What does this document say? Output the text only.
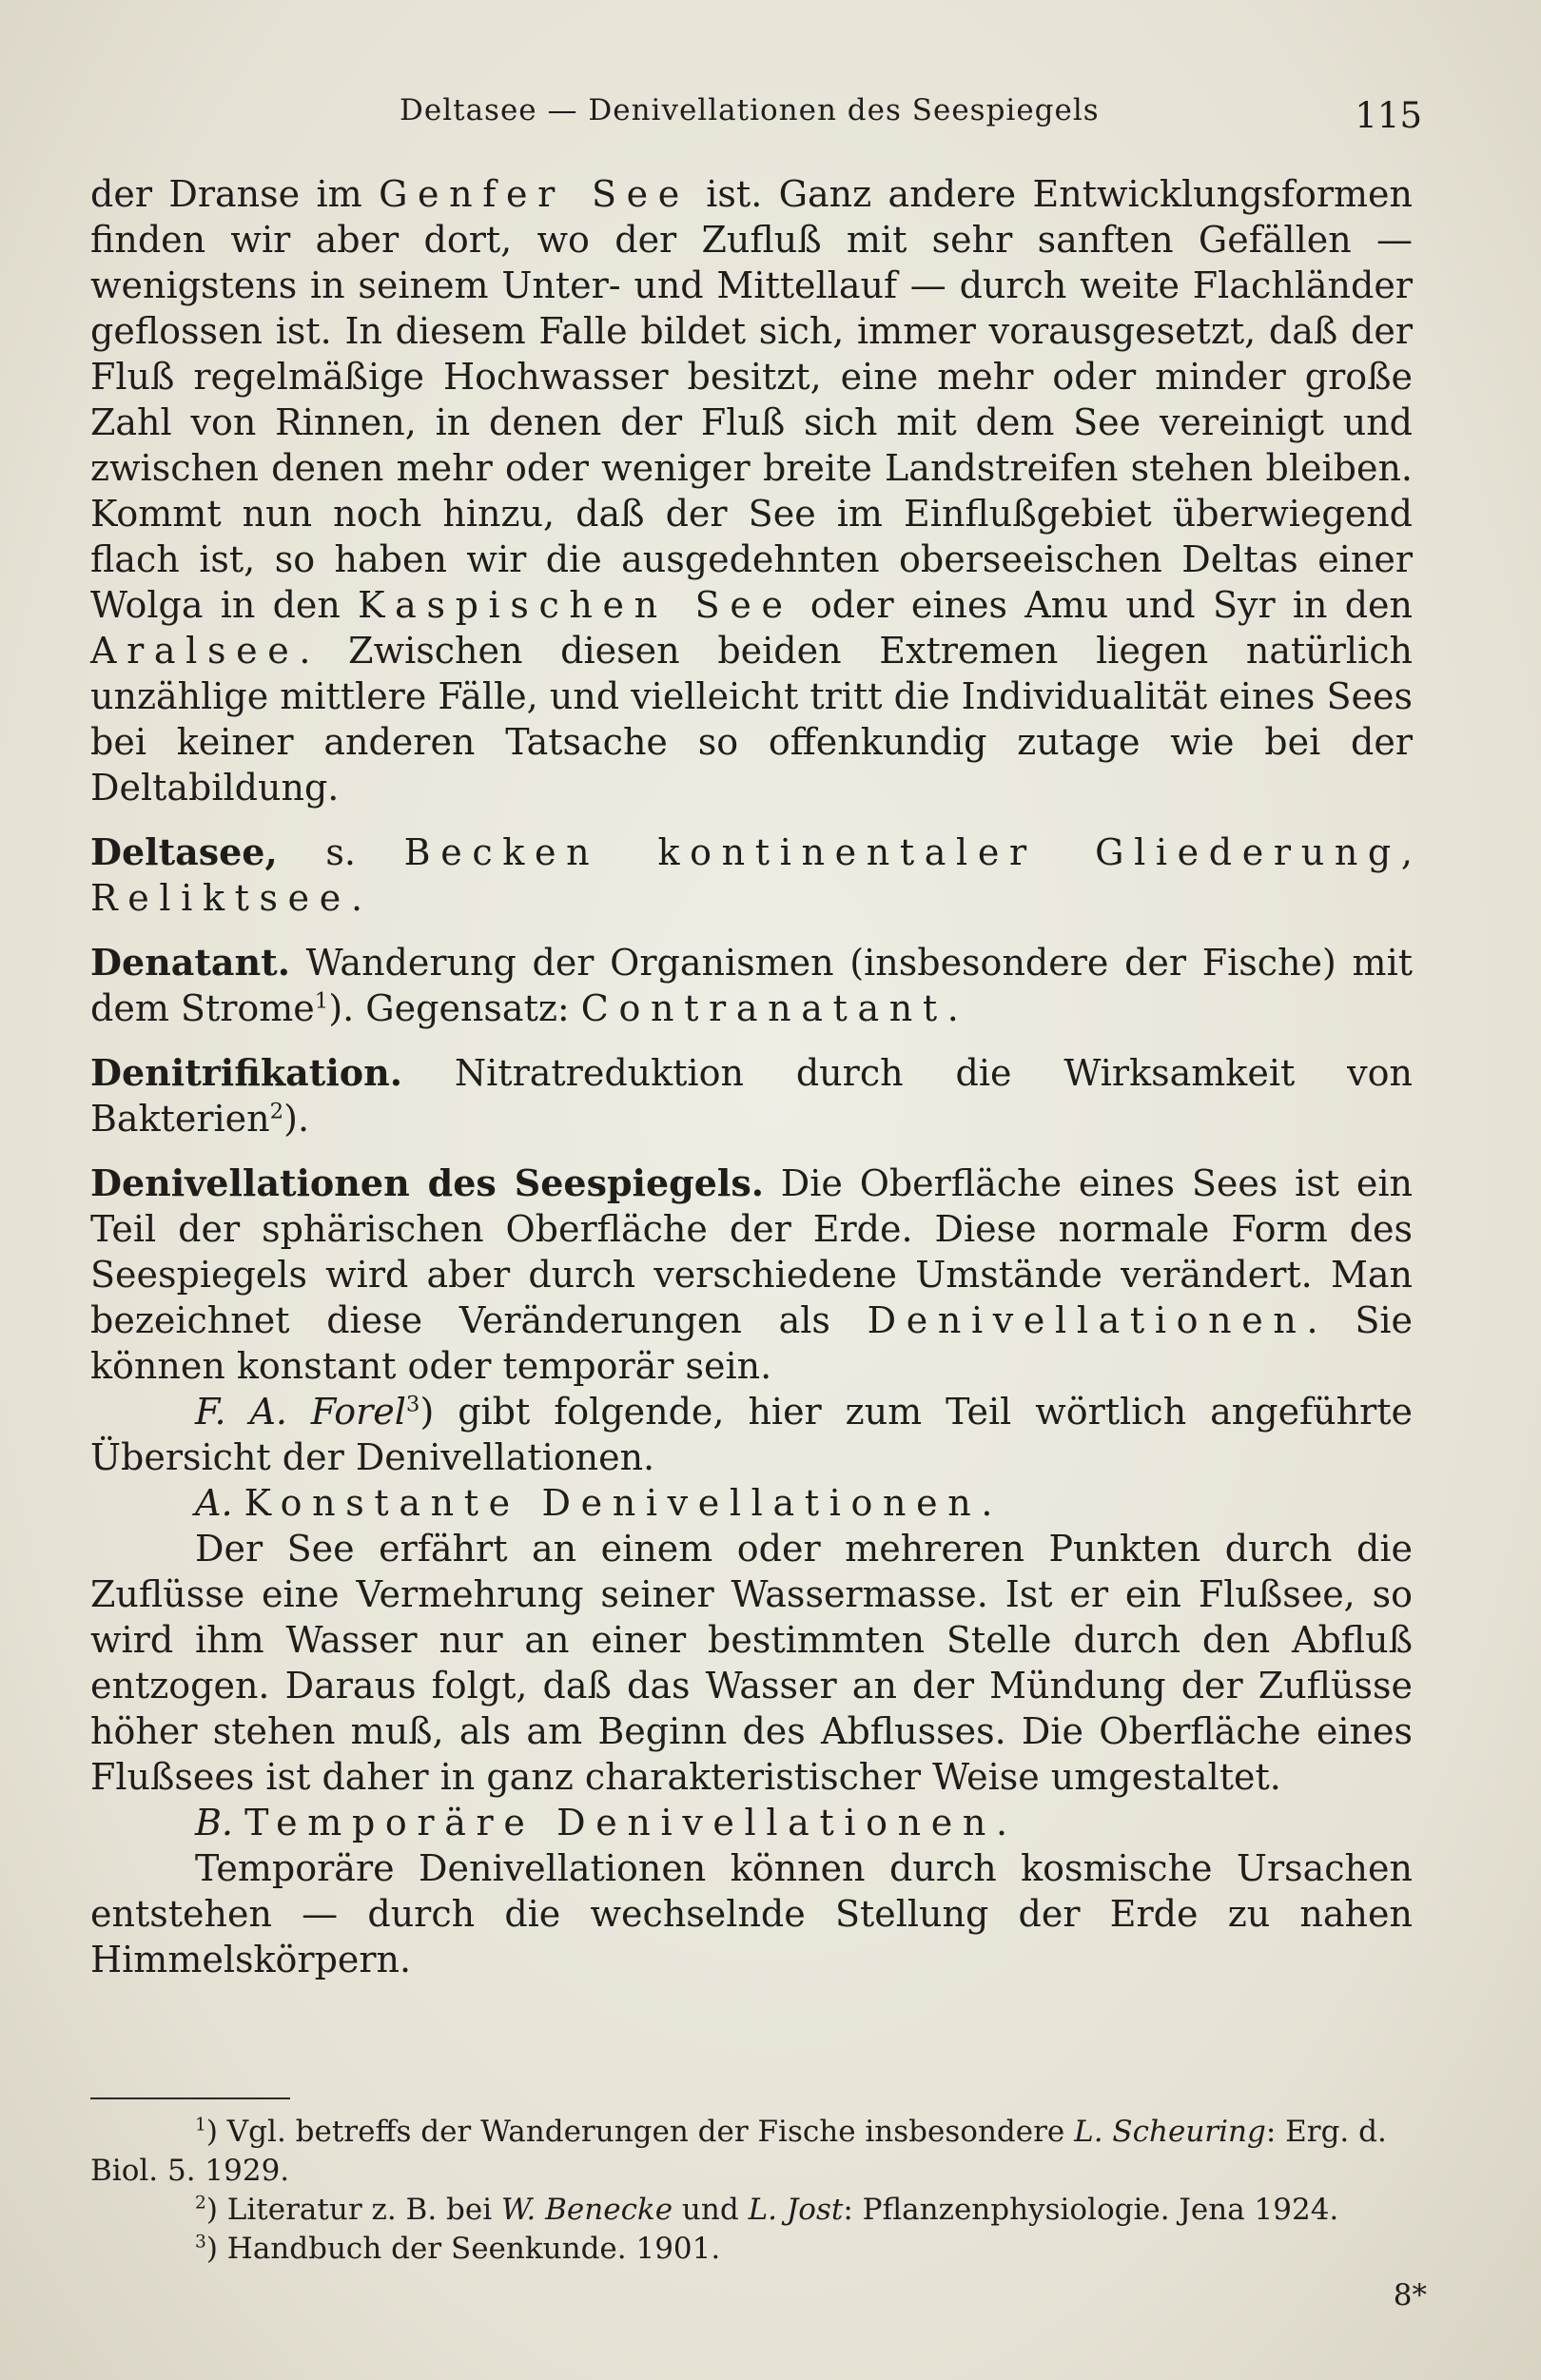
Deltasee — Denivellationen des Seespiegels	115

der Dranse im Genfer See ist. Ganz andere Entwicklungsformen finden wir aber dort, wo der Zufluß mit sehr sanften Gefällen — wenigstens in seinem Unter- und Mittellauf — durch weite Flachländer geflossen ist. In diesem Falle bildet sich, immer vorausgesetzt, daß der Fluß regelmäßige Hochwasser besitzt, eine mehr oder minder große Zahl von Rinnen, in denen der Fluß sich mit dem See vereinigt und zwischen denen mehr oder weniger breite Landstreifen stehen bleiben. Kommt nun noch hinzu, daß der See im Einflußgebiet überwiegend flach ist, so haben wir die ausgedehnten oberseeischen Deltas einer Wolga in den Kaspischen See oder eines Amu und Syr in den Aralsee. Zwischen diesen beiden Extremen liegen natürlich unzählige mittlere Fälle, und vielleicht tritt die Individualität eines Sees bei keiner anderen Tatsache so offenkundig zutage wie bei der Deltabildung.

Deltasee, s. Becken kontinentaler Gliederung, Reliktsee.

Denatant. Wanderung der Organismen (insbesondere der Fische) mit dem Strome$^1$). Gegensatz: Contranatant.

Denitrifikation. Nitratreduktion durch die Wirksamkeit von Bakterien$^2$).

Denivellationen des Seespiegels. Die Oberfläche eines Sees ist ein Teil der sphärischen Oberfläche der Erde. Diese normale Form des Seespiegels wird aber durch verschiedene Umstände verändert. Man bezeichnet diese Veränderungen als Denivellationen. Sie können konstant oder temporär sein.

F. A. Forel$^3$) gibt folgende, hier zum Teil wörtlich angeführte Übersicht der Denivellationen.

A. Konstante Denivellationen.

Der See erfährt an einem oder mehreren Punkten durch die Zuflüsse eine Vermehrung seiner Wassermasse. Ist er ein Flußsee, so wird ihm Wasser nur an einer bestimmten Stelle durch den Abfluß entzogen. Daraus folgt, daß das Wasser an der Mündung der Zuflüsse höher stehen muß, als am Beginn des Abflusses. Die Oberfläche eines Flußsees ist daher in ganz charakteristischer Weise umgestaltet.

B. Temporäre Denivellationen.

Temporäre Denivellationen können durch kosmische Ursachen entstehen — durch die wechselnde Stellung der Erde zu nahen Himmelskörpern.

$^1$) Vgl. betreffs der Wanderungen der Fische insbesondere L. Scheuring: Erg. d. Biol. 5. 1929.

$^2$) Literatur z. B. bei W. Benecke und L. Jost: Pflanzenphysiologie. Jena 1924.

$^3$) Handbuch der Seenkunde. 1901.

8*
